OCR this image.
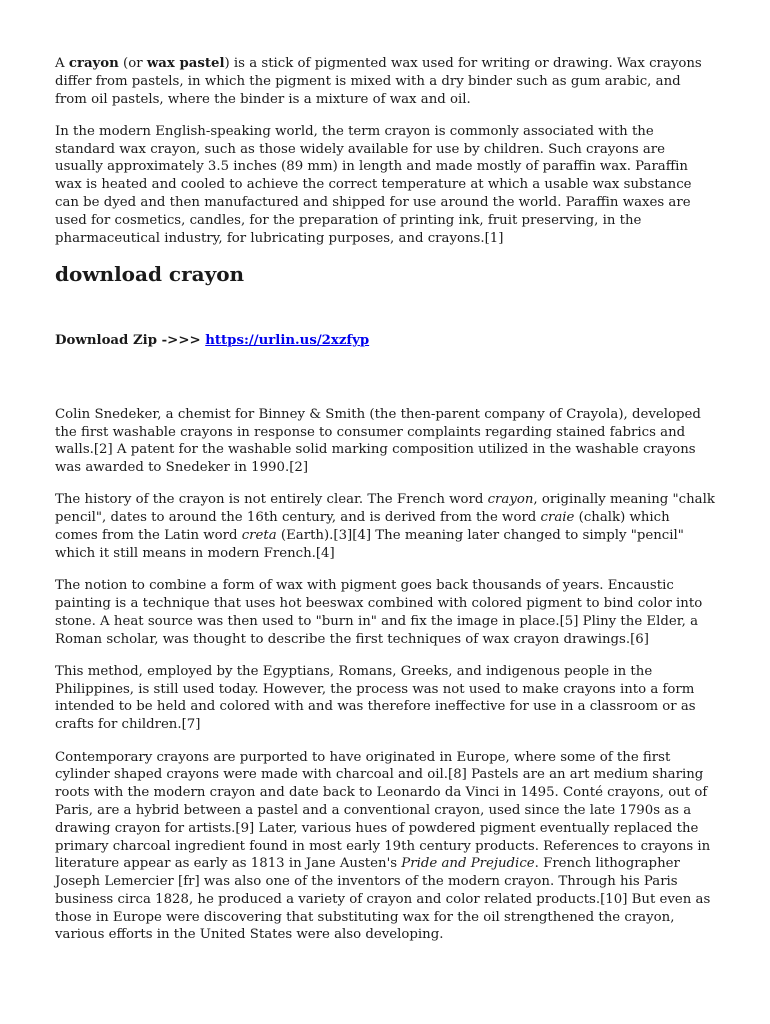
A crayon (or wax pastel) is a stick of pigmented wax used for writing or drawing. Wax crayons differ from pastels, in which the pigment is mixed with a dry binder such as gum arabic, and from oil pastels, where the binder is a mixture of wax and oil.

In the modern English-speaking world, the term crayon is commonly associated with the standard wax crayon, such as those widely available for use by children. Such crayons are usually approximately 3.5 inches (89 mm) in length and made mostly of paraffin wax. Paraffin wax is heated and cooled to achieve the correct temperature at which a usable wax substance can be dyed and then manufactured and shipped for use around the world. Paraffin waxes are used for cosmetics, candles, for the preparation of printing ink, fruit preserving, in the pharmaceutical industry, for lubricating purposes, and crayons.[1]

download crayon
Download Zip ->>> https://urlin.us/2xzfyp

Colin Snedeker, a chemist for Binney & Smith (the then-parent company of Crayola), developed the first washable crayons in response to consumer complaints regarding stained fabrics and walls.[2] A patent for the washable solid marking composition utilized in the washable crayons was awarded to Snedeker in 1990.[2]

The history of the crayon is not entirely clear. The French word crayon, originally meaning "chalk pencil", dates to around the 16th century, and is derived from the word craie (chalk) which comes from the Latin word creta (Earth).[3][4] The meaning later changed to simply "pencil" which it still means in modern French.[4]

The notion to combine a form of wax with pigment goes back thousands of years. Encaustic painting is a technique that uses hot beeswax combined with colored pigment to bind color into stone. A heat source was then used to "burn in" and fix the image in place.[5] Pliny the Elder, a Roman scholar, was thought to describe the first techniques of wax crayon drawings.[6]

This method, employed by the Egyptians, Romans, Greeks, and indigenous people in the Philippines, is still used today. However, the process was not used to make crayons into a form intended to be held and colored with and was therefore ineffective for use in a classroom or as crafts for children.[7]

Contemporary crayons are purported to have originated in Europe, where some of the first cylinder shaped crayons were made with charcoal and oil.[8] Pastels are an art medium sharing roots with the modern crayon and date back to Leonardo da Vinci in 1495. Conté crayons, out of Paris, are a hybrid between a pastel and a conventional crayon, used since the late 1790s as a drawing crayon for artists.[9] Later, various hues of powdered pigment eventually replaced the primary charcoal ingredient found in most early 19th century products. References to crayons in literature appear as early as 1813 in Jane Austen's Pride and Prejudice. French lithographer Joseph Lemercier [fr] was also one of the inventors of the modern crayon. Through his Paris business circa 1828, he produced a variety of crayon and color related products.[10] But even as those in Europe were discovering that substituting wax for the oil strengthened the crayon, various efforts in the United States were also developing.
